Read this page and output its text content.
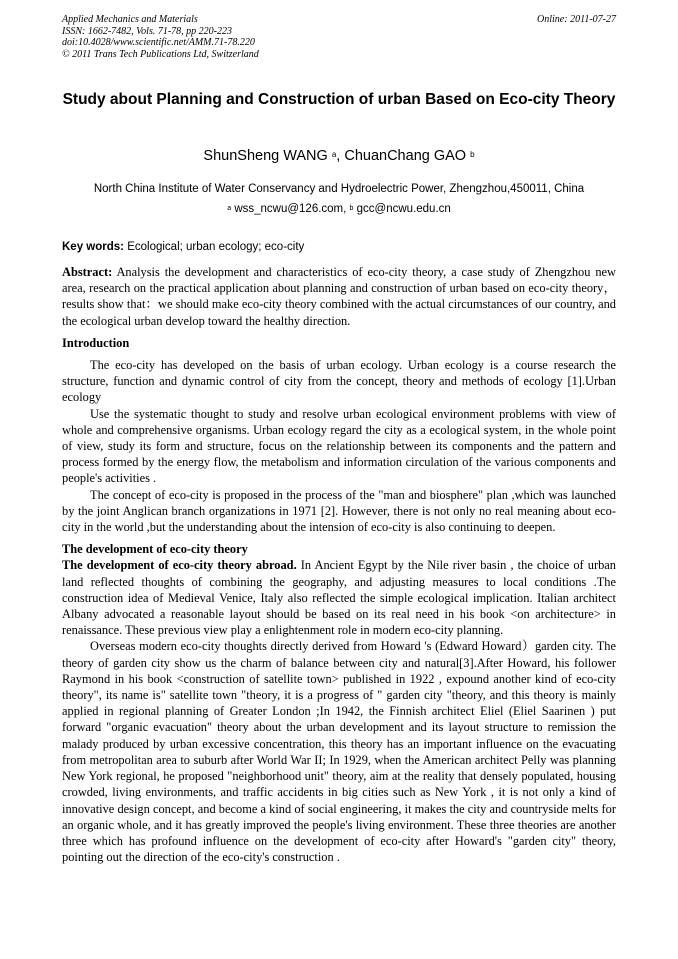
Applied Mechanics and Materials
ISSN: 1662-7482, Vols. 71-78, pp 220-223
doi:10.4028/www.scientific.net/AMM.71-78.220
© 2011 Trans Tech Publications Ltd, Switzerland
Online: 2011-07-27
Study about Planning and Construction of urban Based on Eco-city Theory
ShunSheng WANG $^a$, ChuanChang GAO $^b$
North China Institute of Water Conservancy and Hydroelectric Power, Zhengzhou,450011, China
$^a$ wss_ncwu@126.com, $^b$ gcc@ncwu.edu.cn
Key words: Ecological; urban ecology; eco-city

Abstract: Analysis the development and characteristics of eco-city theory, a case study of Zhengzhou new area, research on the practical application about planning and construction of urban based on eco-city theory，results show that：we should make eco-city theory combined with the actual circumstances of our country, and the ecological urban develop toward the healthy direction.

Introduction

The eco-city has developed on the basis of urban ecology. Urban ecology is a course research the structure, function and dynamic control of city from the concept, theory and methods of ecology [1].Urban ecology

Use the systematic thought to study and resolve urban ecological environment problems with view of whole and comprehensive organisms. Urban ecology regard the city as a ecological system, in the whole point of view, study its form and structure, focus on the relationship between its components and the pattern and process formed by the energy flow, the metabolism and information circulation of the various components and people's activities .

The concept of eco-city is proposed in the process of the "man and biosphere" plan ,which was launched by the joint Anglican branch organizations in 1971 [2]. However, there is not only no real meaning about eco-city in the world ,but the understanding about the intension of eco-city is also continuing to deepen.

The development of eco-city theory

The development of eco-city theory abroad. In Ancient Egypt by the Nile river basin , the choice of urban land reflected thoughts of combining the geography, and adjusting measures to local conditions .The construction idea of Medieval Venice, Italy also reflected the simple ecological implication. Italian architect Albany advocated a reasonable layout should be based on its real need in his book <on architecture> in renaissance. These previous view play a enlightenment role in modern eco-city planning.

Overseas modern eco-city thoughts directly derived from Howard 's (Edward Howard）garden city. The theory of garden city show us the charm of balance between city and natural[3].After Howard, his follower Raymond in his book <construction of satellite town> published in 1922 , expound another kind of eco-city theory", its name is" satellite town "theory, it is a progress of " garden city "theory, and this theory is mainly applied in regional planning of Greater London ;In 1942, the Finnish architect Eliel (Eliel Saarinen ) put forward "organic evacuation" theory about the urban development and its layout structure to remission the malady produced by urban excessive concentration, this theory has an important influence on the evacuating from metropolitan area to suburb after World War II; In 1929, when the American architect Pelly was planning New York regional, he proposed "neighborhood unit" theory, aim at the reality that densely populated, housing crowded, living environments, and traffic accidents in big cities such as New York , it is not only a kind of innovative design concept, and become a kind of social engineering, it makes the city and countryside melts for an organic whole, and it has greatly improved the people's living environment. These three theories are another three which has profound influence on the development of eco-city after Howard's "garden city" theory, pointing out the direction of the eco-city's construction .
